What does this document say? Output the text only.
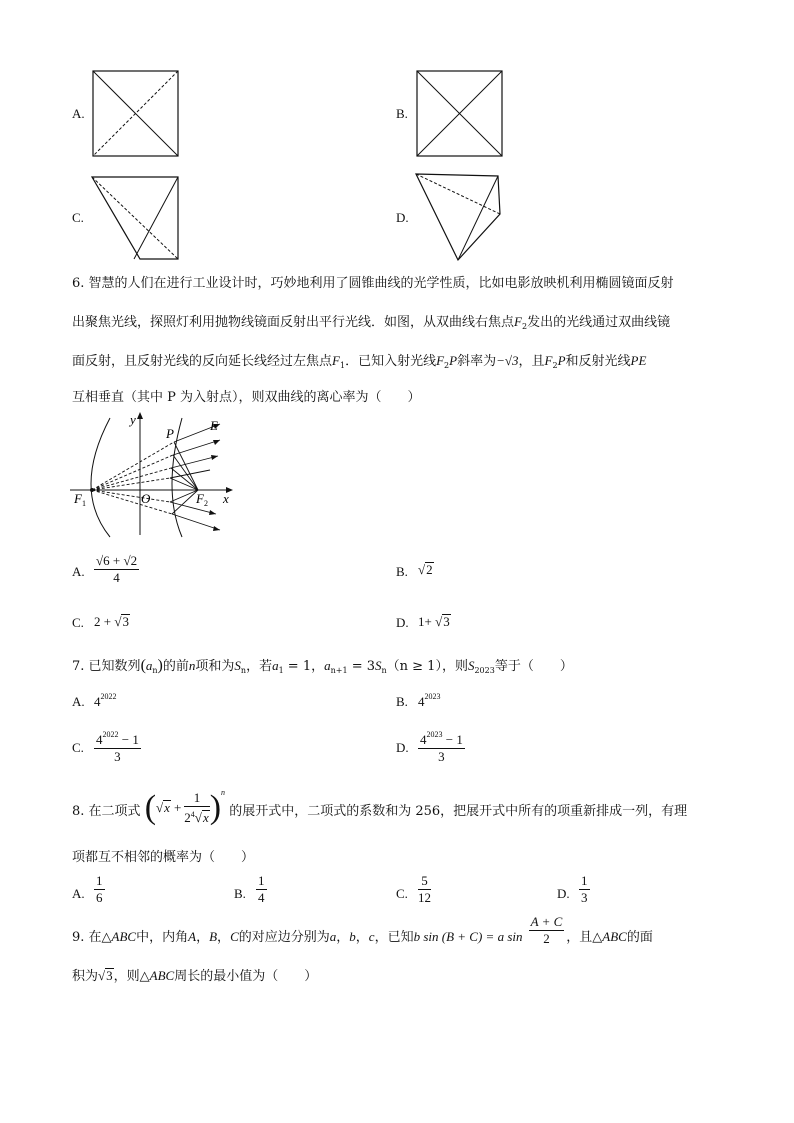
A.	B.
C.	D.
6. 智慧的人们在进行工业设计时，巧妙地利用了圆锥曲线的光学性质，比如电影放映机利用椭圆镜面反射
出聚焦光线，探照灯利用抛物线镜面反射出平行光线．如图，从双曲线右焦点$F_2$发出的光线通过双曲线镜
面反射，且反射光线的反向延长线经过左焦点$F_1$．已知入射光线$F_2P$斜率为−√3，且$F_2P$和反射光线PE
互相垂直（其中 P 为入射点），则双曲线的离心率为（　　）
y
x
P
E
O
F 1	F 2
A. $\frac{√6 + √2}{4}$	B. √2
C. 2 + √3	D. 1+ √3
7. 已知数列$(a_n)$的前n项和为$S_n$，若$a_1 = 1$，$a_{n+1} = 3S_n(n \ge 1)$，则$S_{2023}$等于（　　）
A. $4^{2022}$	B. $4^{2023}$
C. $\frac{4^{2022} - 1}{3}$	D. $\frac{4^{2023} - 1}{3}$
8. 在二项式 $(√x + \frac{1}{2^4√x} )^n$ 的展开式中，二项式的系数和为 256，把展开式中所有的项重新排成一列，有理
项都互不相邻的概率为（　　）
A. $\frac{1}{6}$	B. $\frac{1}{4}$	C. $\frac{5}{12}$	D. $\frac{1}{3}$
9. 在△ABC中，内角A，B，C的对应边分别为a，b，c，已知b sin (B + C) = a $\sin \frac{A + C}{2}$ ，且△ABC的面
积为√3，则△ABC周长的最小值为（　　）
